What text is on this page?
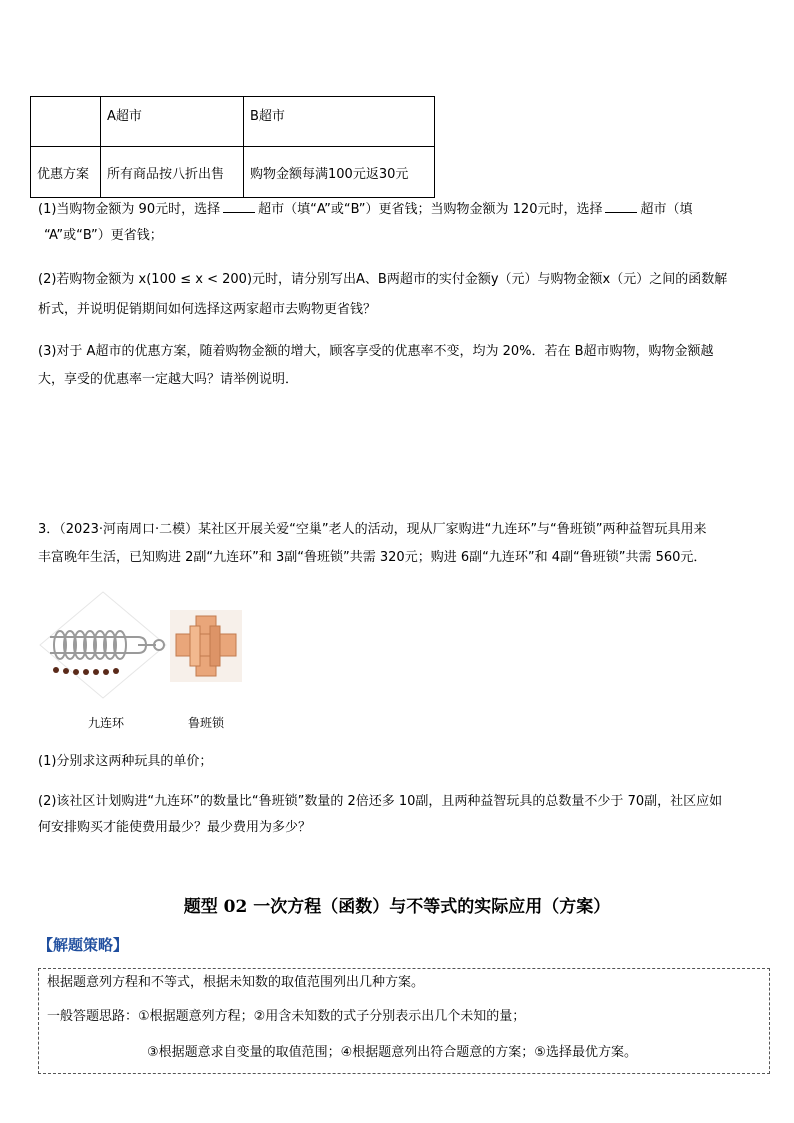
	A超市	B超市
优惠方案	所有商品按八折出售	购物金额每满100元返30元
(1)当购物金额为 90元时，选择	超市（填“A”或“B”）更省钱；当购物金额为 120元时，选择	超市（填
“A”或“B”）更省钱；
(2)若购物金额为 x(100 ≤ x < 200)元时，请分别写出A、B两超市的实付金额y（元）与购物金额x（元）之间的函数解
析式，并说明促销期间如何选择这两家超市去购物更省钱？
(3)对于 A超市的优惠方案，随着购物金额的增大，顾客享受的优惠率不变，均为 20%．若在 B超市购物，购物金额越
大，享受的优惠率一定越大吗？请举例说明．
3．（2023·河南周口·二模）某社区开展关爱“空巢”老人的活动，现从厂家购进“九连环”与“鲁班锁”两种益智玩具用来
丰富晚年生活，已知购进 2副“九连环”和 3副“鲁班锁”共需 320元；购进 6副“九连环”和 4副“鲁班锁”共需 560元．
九连环	鲁班锁
(1)分别求这两种玩具的单价；
(2)该社区计划购进“九连环”的数量比“鲁班锁”数量的 2倍还多 10副，且两种益智玩具的总数量不少于 70副，社区应如
何安排购买才能使费用最少？最少费用为多少？
题型 02 一次方程（函数）与不等式的实际应用（方案）
【解题策略】
根据题意列方程和不等式，根据未知数的取值范围列出几种方案。
一般答题思路：①根据题意列方程；②用含未知数的式子分别表示出几个未知的量；
③根据题意求自变量的取值范围；④根据题意列出符合题意的方案；⑤选择最优方案。
